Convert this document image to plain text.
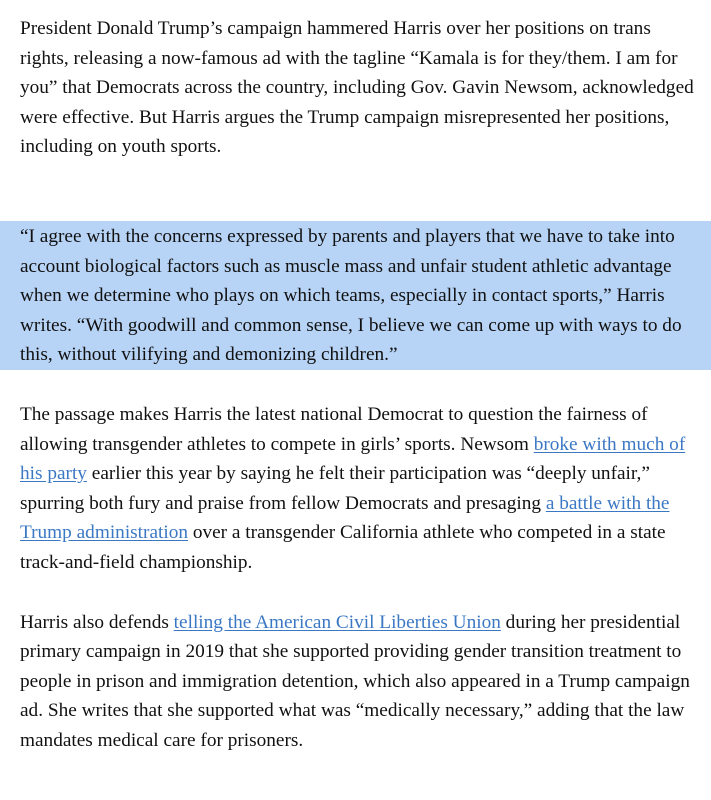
President Donald Trump’s campaign hammered Harris over her positions on trans rights, releasing a now-famous ad with the tagline “Kamala is for they/them. I am for you” that Democrats across the country, including Gov. Gavin Newsom, acknowledged were effective. But Harris argues the Trump campaign misrepresented her positions, including on youth sports.

“I agree with the concerns expressed by parents and players that we have to take into account biological factors such as muscle mass and unfair student athletic advantage when we determine who plays on which teams, especially in contact sports,” Harris writes. “With goodwill and common sense, I believe we can come up with ways to do this, without vilifying and demonizing children.”

The passage makes Harris the latest national Democrat to question the fairness of allowing transgender athletes to compete in girls’ sports. Newsom broke with much of his party earlier this year by saying he felt their participation was “deeply unfair,” spurring both fury and praise from fellow Democrats and presaging a battle with the Trump administration over a transgender California athlete who competed in a state track-and-field championship.

Harris also defends telling the American Civil Liberties Union during her presidential primary campaign in 2019 that she supported providing gender transition treatment to people in prison and immigration detention, which also appeared in a Trump campaign ad. She writes that she supported what was “medically necessary,” adding that the law mandates medical care for prisoners.
